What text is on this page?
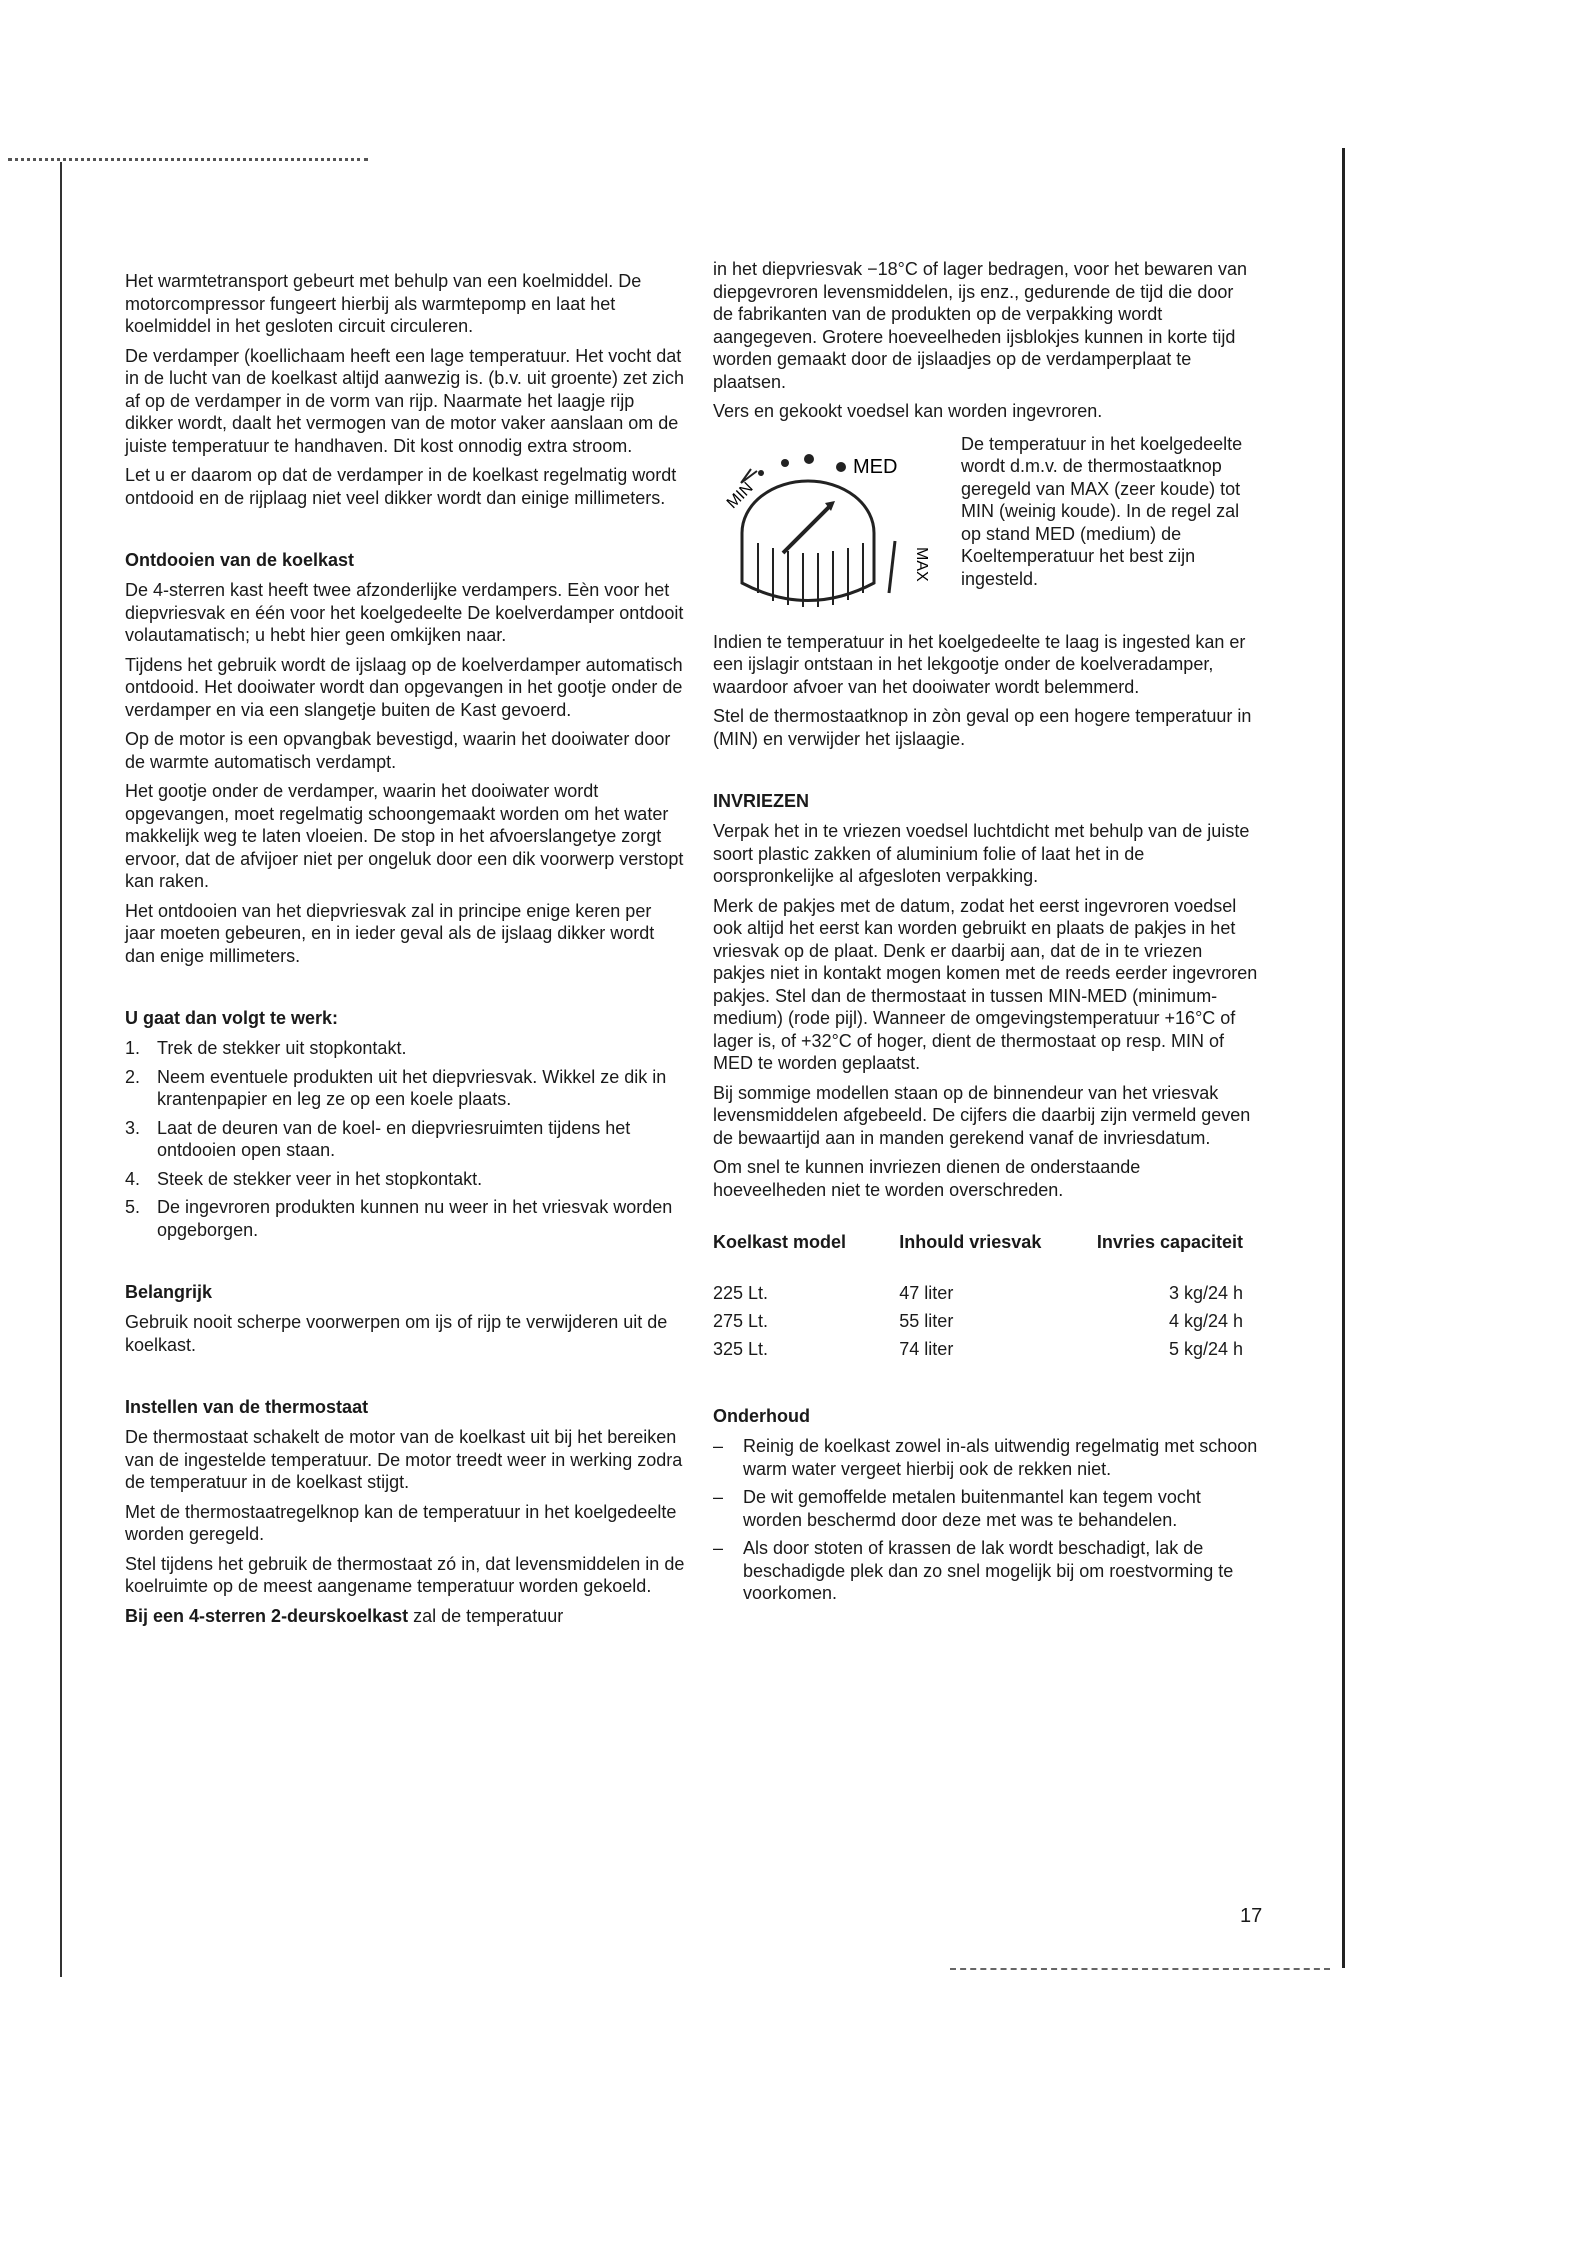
Het warmtetransport gebeurt met behulp van een koelmiddel. De motorcompressor fungeert hierbij als warmtepomp en laat het koelmiddel in het gesloten circuit circuleren.

De verdamper (koellichaam heeft een lage temperatuur. Het vocht dat in de lucht van de koelkast altijd aanwezig is. (b.v. uit groente) zet zich af op de verdamper in de vorm van rijp. Naarmate het laagje rijp dikker wordt, daalt het vermogen van de motor vaker aanslaan om de juiste temperatuur te handhaven. Dit kost onnodig extra stroom.

Let u er daarom op dat de verdamper in de koelkast regelmatig wordt ontdooid en de rijplaag niet veel dikker wordt dan einige millimeters.

Ontdooien van de koelkast

De 4-sterren kast heeft twee afzonderlijke verdampers. Eèn voor het diepvriesvak en één voor het koelgedeelte De koelverdamper ontdooit volautamatisch; u hebt hier geen omkijken naar.

Tijdens het gebruik wordt de ijslaag op de koelverdamper automatisch ontdooid. Het dooiwater wordt dan opgevangen in het gootje onder de verdamper en via een slangetje buiten de Kast gevoerd.

Op de motor is een opvangbak bevestigd, waarin het dooiwater door de warmte automatisch verdampt.

Het gootje onder de verdamper, waarin het dooiwater wordt opgevangen, moet regelmatig schoongemaakt worden om het water makkelijk weg te laten vloeien. De stop in het afvoerslangetye zorgt ervoor, dat de afvijoer niet per ongeluk door een dik voorwerp verstopt kan raken.

Het ontdooien van het diepvriesvak zal in principe enige keren per jaar moeten gebeuren, en in ieder geval als de ijslaag dikker wordt dan enige millimeters.

U gaat dan volgt te werk:
1. Trek de stekker uit stopkontakt.
2. Neem eventuele produkten uit het diepvriesvak. Wikkel ze dik in krantenpapier en leg ze op een koele plaats.
3. Laat de deuren van de koel- en diepvriesruimten tijdens het ontdooien open staan.
4. Steek de stekker veer in het stopkontakt.
5. De ingevroren produkten kunnen nu weer in het vriesvak worden opgeborgen.
Belangrijk

Gebruik nooit scherpe voorwerpen om ijs of rijp te verwijderen uit de koelkast.

Instellen van de thermostaat

De thermostaat schakelt de motor van de koelkast uit bij het bereiken van de ingestelde temperatuur. De motor treedt weer in werking zodra de temperatuur in de koelkast stijgt.

Met de thermostaatregelknop kan de temperatuur in het koelgedeelte worden geregeld.

Stel tijdens het gebruik de thermostaat zó in, dat levensmiddelen in de koelruimte op de meest aangename temperatuur worden gekoeld.

Bij een 4-sterren 2-deurskoelkast zal de temperatuur

in het diepvriesvak −18°C of lager bedragen, voor het bewaren van diepgevroren levensmiddelen, ijs enz., gedurende de tijd die door de fabrikanten van de produkten op de verpakking wordt aangegeven. Grotere hoeveelheden ijsblokjes kunnen in korte tijd worden gemaakt door de ijslaadjes op de verdamperplaat te plaatsen.

Vers en gekookt voedsel kan worden ingevroren.

MIN
MED
MAX
De temperatuur in het koelgedeelte wordt d.m.v. de thermostaatknop geregeld van MAX (zeer koude) tot MIN (weinig koude). In de regel zal op stand MED (medium) de Koeltemperatuur het best zijn ingesteld.

Indien te temperatuur in het koelgedeelte te laag is ingested kan er een ijslagir ontstaan in het lekgootje onder de koelveradamper, waardoor afvoer van het dooiwater wordt belemmerd.

Stel de thermostaatknop in zòn geval op een hogere temperatuur in (MIN) en verwijder het ijslaagie.

INVRIEZEN

Verpak het in te vriezen voedsel luchtdicht met behulp van de juiste soort plastic zakken of aluminium folie of laat het in de oorspronkelijke al afgesloten verpakking.

Merk de pakjes met de datum, zodat het eerst ingevroren voedsel ook altijd het eerst kan worden gebruikt en plaats de pakjes in het vriesvak op de plaat. Denk er daarbij aan, dat de in te vriezen pakjes niet in kontakt mogen komen met de reeds eerder ingevroren pakjes. Stel dan de thermostaat in tussen MIN-MED (minimum-medium) (rode pijl). Wanneer de omgevingstemperatuur +16°C of lager is, of +32°C of hoger, dient de thermostaat op resp. MIN of MED te worden geplaatst.

Bij sommige modellen staan op de binnendeur van het vriesvak levensmiddelen afgebeeld. De cijfers die daarbij zijn vermeld geven de bewaartijd aan in manden gerekend vanaf de invriesdatum.

Om snel te kunnen invriezen dienen de onderstaande hoeveelheden niet te worden overschreden.

Koelkast model	Inhould vriesvak	Invries capaciteit
225 Lt.	47 liter	3 kg/24 h
275 Lt.	55 liter	4 kg/24 h
325 Lt.	74 liter	5 kg/24 h
Onderhoud
–	Reinig de koelkast zowel in-als uitwendig regelmatig met schoon warm water vergeet hierbij ook de rekken niet.
–	De wit gemoffelde metalen buitenmantel kan tegem vocht worden beschermd door deze met was te behandelen.
–	Als door stoten of krassen de lak wordt beschadigt, lak de beschadigde plek dan zo snel mogelijk bij om roestvorming te voorkomen.
17
